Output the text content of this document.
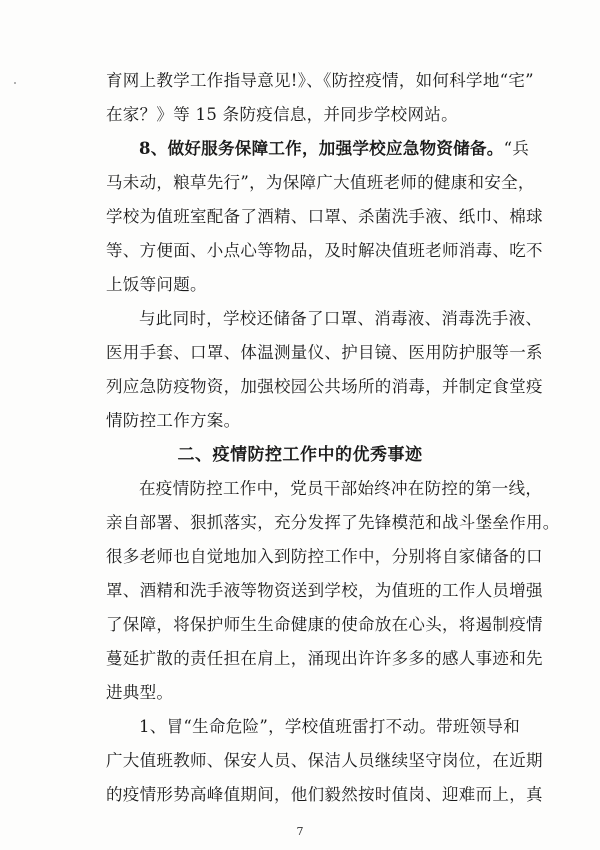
育网上教学工作指导意见!》、《防控疫情，如何科学地“宅”
在家？》等 15 条防疫信息，并同步学校网站。
8、做好服务保障工作，加强学校应急物资储备。“兵
马未动，粮草先行”，为保障广大值班老师的健康和安全，
学校为值班室配备了酒精、口罩、杀菌洗手液、纸巾、棉球
等、方便面、小点心等物品，及时解决值班老师消毒、吃不
上饭等问题。
与此同时，学校还储备了口罩、消毒液、消毒洗手液、
医用手套、口罩、体温测量仪、护目镜、医用防护服等一系
列应急防疫物资，加强校园公共场所的消毒，并制定食堂疫
情防控工作方案。
二、疫情防控工作中的优秀事迹
在疫情防控工作中，党员干部始终冲在防控的第一线，
亲自部署、狠抓落实，充分发挥了先锋模范和战斗堡垒作用。
很多老师也自觉地加入到防控工作中，分别将自家储备的口
罩、酒精和洗手液等物资送到学校，为值班的工作人员增强
了保障，将保护师生生命健康的使命放在心头，将遏制疫情
蔓延扩散的责任担在肩上，涌现出许许多多的感人事迹和先
进典型。
1、冒“生命危险”，学校值班雷打不动。带班领导和
广大值班教师、保安人员、保洁人员继续坚守岗位，在近期
的疫情形势高峰值期间，他们毅然按时值岗、迎难而上，真
7
